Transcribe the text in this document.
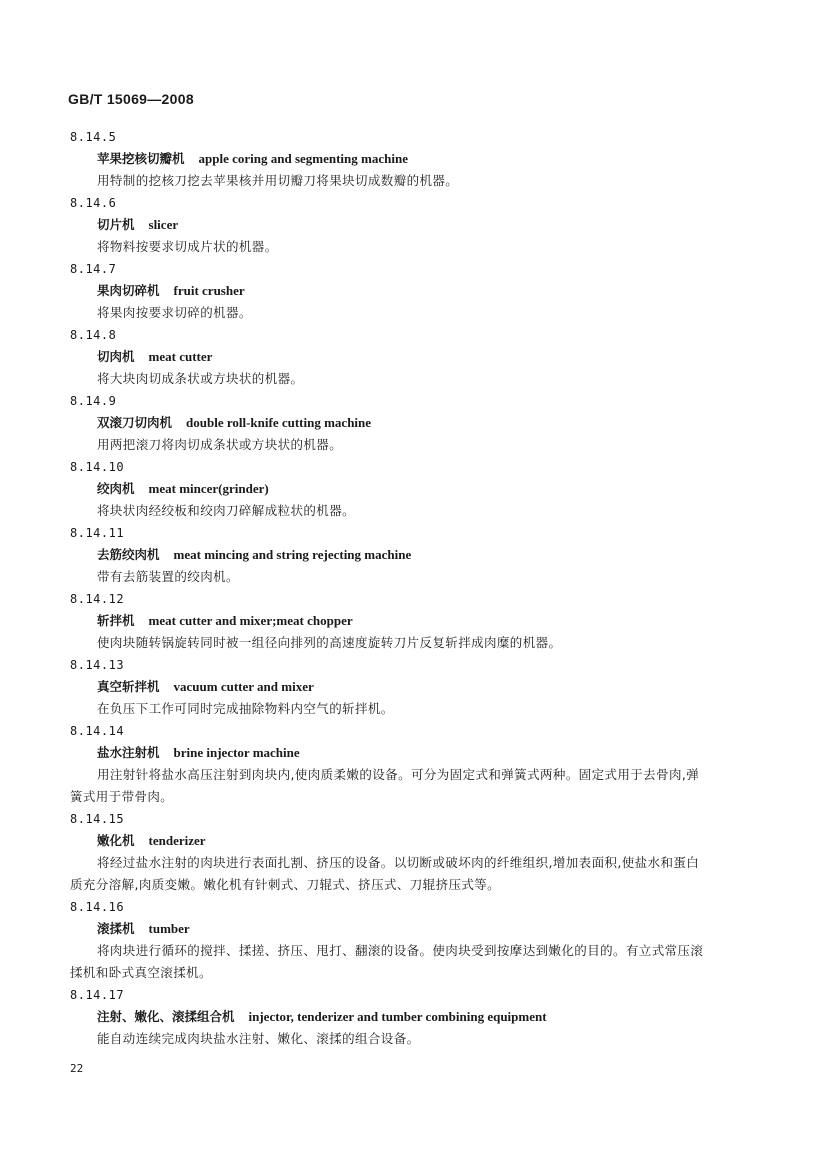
GB/T 15069—2008
8.14.5
苹果挖核切瓣机 apple coring and segmenting machine
用特制的挖核刀挖去苹果核并用切瓣刀将果块切成数瓣的机器。
8.14.6
切片机 slicer
将物料按要求切成片状的机器。
8.14.7
果肉切碎机 fruit crusher
将果肉按要求切碎的机器。
8.14.8
切肉机 meat cutter
将大块肉切成条状或方块状的机器。
8.14.9
双滚刀切肉机 double roll-knife cutting machine
用两把滚刀将肉切成条状或方块状的机器。
8.14.10
绞肉机 meat mincer(grinder)
将块状肉经绞板和绞肉刀碎解成粒状的机器。
8.14.11
去筋绞肉机 meat mincing and string rejecting machine
带有去筋装置的绞肉机。
8.14.12
斩拌机 meat cutter and mixer;meat chopper
使肉块随转锅旋转同时被一组径向排列的高速度旋转刀片反复斩拌成肉糜的机器。
8.14.13
真空斩拌机 vacuum cutter and mixer
在负压下工作可同时完成抽除物料内空气的斩拌机。
8.14.14
盐水注射机 brine injector machine
用注射针将盐水高压注射到肉块内,使肉质柔嫩的设备。可分为固定式和弹簧式两种。固定式用于去骨肉,弹簧式用于带骨肉。
8.14.15
嫩化机 tenderizer
将经过盐水注射的肉块进行表面扎割、挤压的设备。以切断或破坏肉的纤维组织,增加表面积,使盐水和蛋白质充分溶解,肉质变嫩。嫩化机有针刺式、刀辊式、挤压式、刀辊挤压式等。
8.14.16
滚揉机 tumber
将肉块进行循环的搅拌、揉搓、挤压、甩打、翻滚的设备。使肉块受到按摩达到嫩化的目的。有立式常压滚揉机和卧式真空滚揉机。
8.14.17
注射、嫩化、滚揉组合机 injector, tenderizer and tumber combining equipment
能自动连续完成肉块盐水注射、嫩化、滚揉的组合设备。
22
